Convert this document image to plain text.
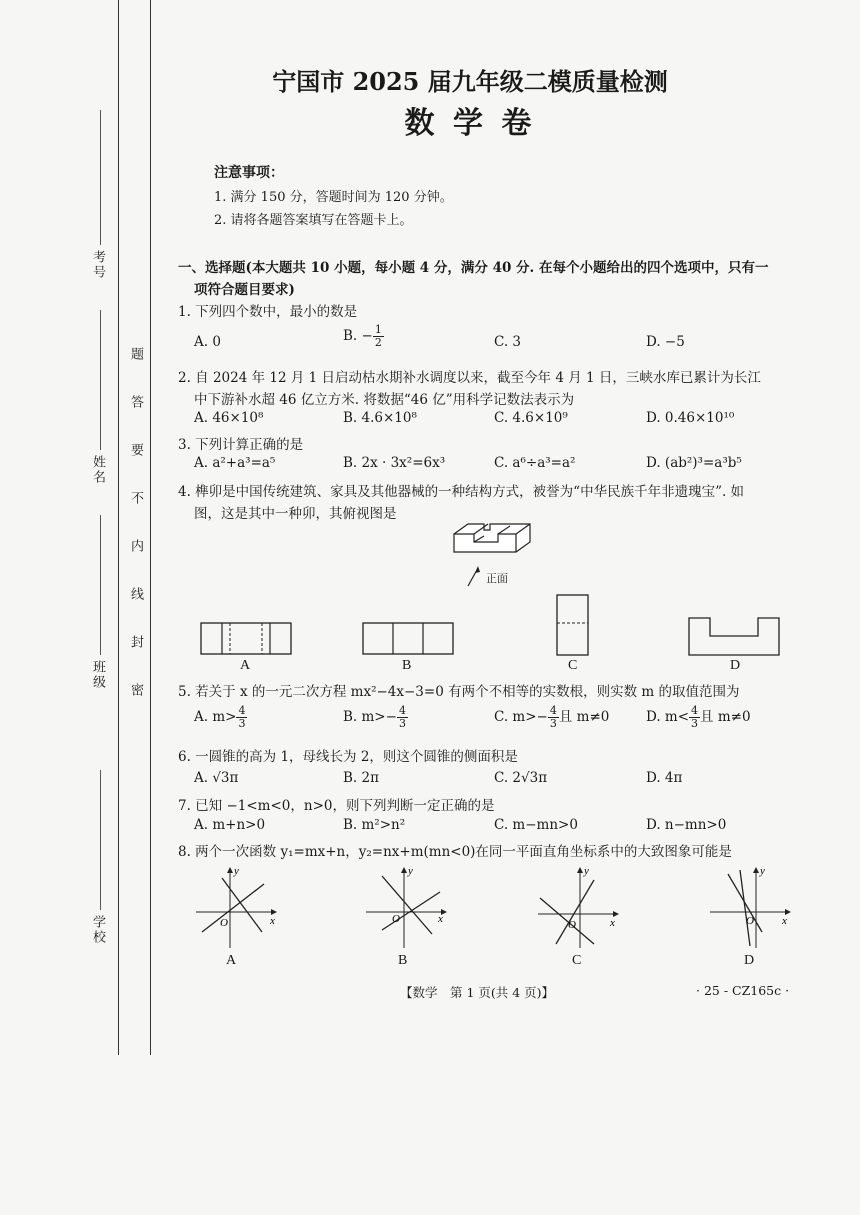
考号
姓名
班级
学校
题
答
要
不
内
线
封
密
宁国市 2025 届九年级二模质量检测
数 学 卷
注意事项：
1. 满分 150 分，答题时间为 120 分钟。
2. 请将各题答案填写在答题卡上。
一、选择题(本大题共 10 小题，每小题 4 分，满分 40 分. 在每个小题给出的四个选项中，只有一
项符合题目要求)
1. 下列四个数中，最小的数是
A. 0	B. − $\frac{1}{2}$	C. 3	D. −5
2. 自 2024 年 12 月 1 日启动枯水期补水调度以来，截至今年 4 月 1 日，三峡水库已累计为长江
中下游补水超 46 亿立方米. 将数据“46 亿”用科学记数法表示为
A. 46×10⁸	B. 4.6×10⁸	C. 4.6×10⁹	D. 0.46×10¹⁰
3. 下列计算正确的是
A. a²+a³=a⁵	B. 2x · 3x²=6x³	C. a⁶÷a³=a²	D. (ab²)³=a³b⁵
4. 榫卯是中国传统建筑、家具及其他器械的一种结构方式，被誉为“中华民族千年非遗瑰宝”. 如
图，这是其中一种卯，其俯视图是
正面
A	B	C	D
5. 若关于 x 的一元二次方程 mx²−4x−3=0 有两个不相等的实数根，则实数 m 的取值范围为
A. $m> \frac{4}{3}$	B. $m>- \frac{4}{3}$	C. $m>- \frac{4}{3}$ 且 m≠0	D. $m< \frac{4}{3}$ 且 m≠0
6. 一圆锥的高为 1，母线长为 2，则这个圆锥的侧面积是
A. √3π	B. 2π	C. 2√3π	D. 4π
7. 已知 −1<m<0，n>0，则下列判断一定正确的是
A. m+n>0	B. m²>n²	C. m−mn>0	D. n−mn>0
8. 两个一次函数 y₁=mx+n，y₂=nx+m(mn<0)在同一平面直角坐标系中的大致图象可能是
x
y
O	x
y
O	x
y
O	x
y
O
A	B	C	D
【数学　第 1 页(共 4 页)】	· 25 - CZ165c ·
